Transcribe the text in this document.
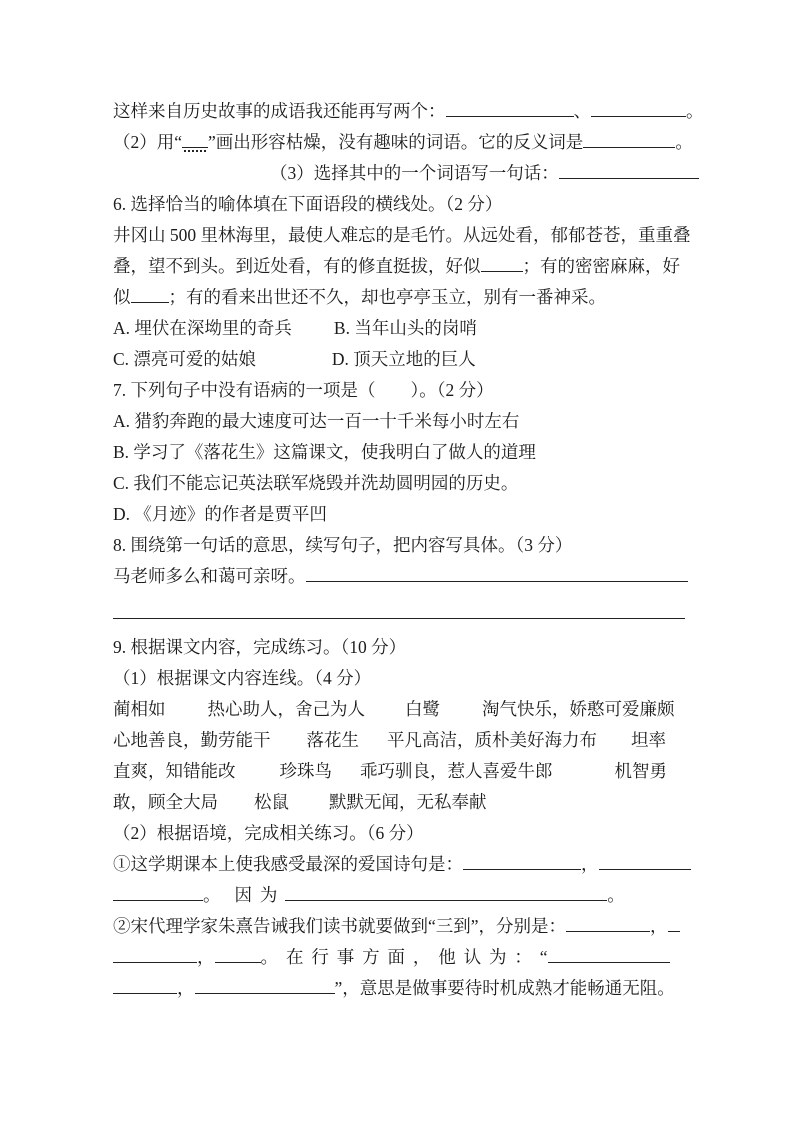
这样来自历史故事的成语我还能再写两个：	、	。
（2）用“ ”画出形容枯燥，没有趣味的词语。它的反义词是	。
（3）选择其中的一个词语写一句话：
6. 选择恰当的喻体填在下面语段的横线处。（2 分）
井冈山 500 里林海里，最使人难忘的是毛竹。从远处看，郁郁苍苍，重重叠
叠，望不到头。到近处看，有的修直挺拔，好似 ；有的密密麻麻，好
似 ；有的看来出世还不久，却也亭亭玉立，别有一番神采。
A. 埋伏在深坳里的奇兵 B. 当年山头的岗哨
C. 漂亮可爱的姑娘	D. 顶天立地的巨人
7. 下列句子中没有语病的一项是（　　）。（2 分）
A. 猎豹奔跑的最大速度可达一百一十千米每小时左右
B. 学习了《落花生》这篇课文，使我明白了做人的道理
C. 我们不能忘记英法联军烧毁并洗劫圆明园的历史。
D. 《月迹》的作者是贾平凹
8. 围绕第一句话的意思，续写句子，把内容写具体。（3 分）
马老师多么和蔼可亲呀。
9. 根据课文内容，完成练习。（10 分）
（1）根据课文内容连线。（4 分）
蔺相如 热心助人，舍己为人 白鹭 淘气快乐，娇憨可爱廉颇
心地善良，勤劳能干 落花生 平凡高洁，质朴美好海力布 坦率
直爽，知错能改	珍珠鸟 乖巧驯良，惹人喜爱牛郎	机智勇
敢，顾全大局 松鼠 默默无闻，无私奉献
（2）根据语境，完成相关练习。（6 分）
①这学期课本上使我感受最深的爱国诗句是：	，
。 因为	。
②宋代理学家朱熹告诫我们读书就要做到“三到”，分别是：	，
，	。 在行事方面，他认为：“
，	”，意思是做事要待时机成熟才能畅通无阻。
